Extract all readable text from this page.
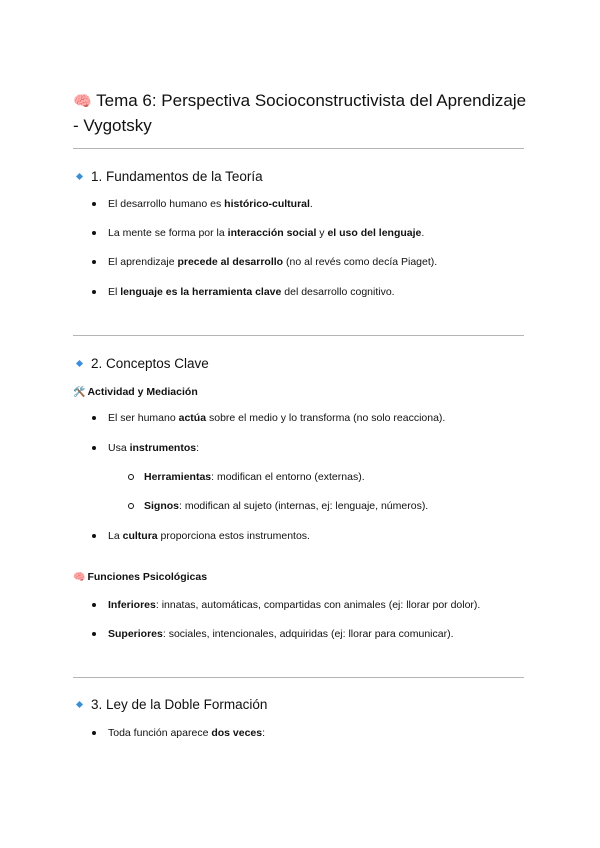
🧠 Tema 6: Perspectiva Socioconstructivista del Aprendizaje - Vygotsky
1. Fundamentos de la Teoría
El desarrollo humano es histórico-cultural.
La mente se forma por la interacción social y el uso del lenguaje.
El aprendizaje precede al desarrollo (no al revés como decía Piaget).
El lenguaje es la herramienta clave del desarrollo cognitivo.
2. Conceptos Clave
🛠️ Actividad y Mediación
El ser humano actúa sobre el medio y lo transforma (no solo reacciona).
Usa instrumentos:
Herramientas: modifican el entorno (externas).
Signos: modifican al sujeto (internas, ej: lenguaje, números).
La cultura proporciona estos instrumentos.
🧠 Funciones Psicológicas
Inferiores: innatas, automáticas, compartidas con animales (ej: llorar por dolor).
Superiores: sociales, intencionales, adquiridas (ej: llorar para comunicar).
3. Ley de la Doble Formación
Toda función aparece dos veces:
